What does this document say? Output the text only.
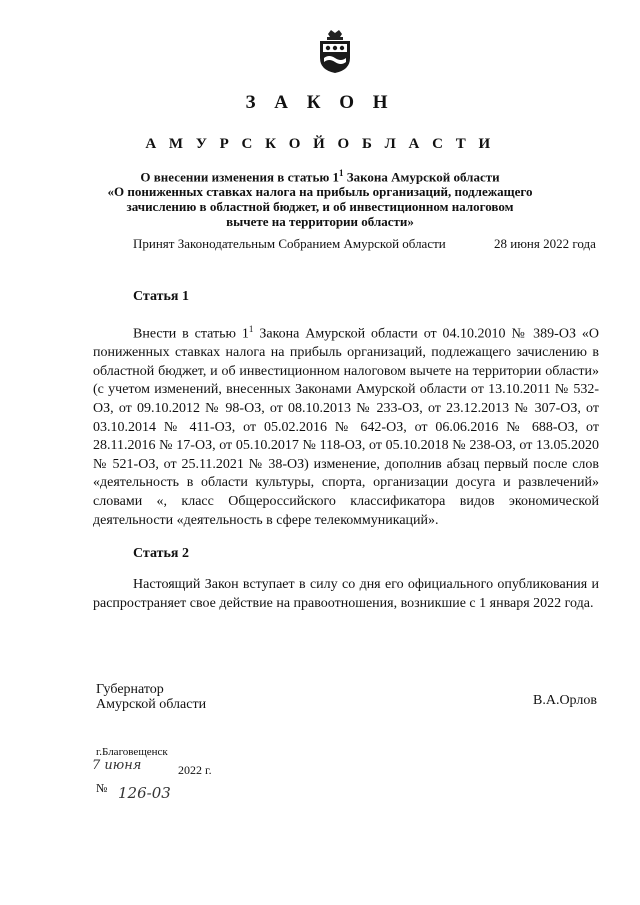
З А К О Н
А М У Р С К О Й О Б Л А С Т И
О внесении изменения в статью $1^1$ Закона Амурской области
«О пониженных ставках налога на прибыль организаций, подлежащего
зачислению в областной бюджет, и об инвестиционном налоговом
вычете на территории области»
Принят Законодательным Собранием Амурской области	28 июня 2022 года
Статья 1
Внести в статью $1^1$ Закона Амурской области от 04.10.2010 № 389-ОЗ «О пониженных ставках налога на прибыль организаций, подлежащего зачислению в областной бюджет, и об инвестиционном налоговом вычете на территории области» (с учетом изменений, внесенных Законами Амурской области от 13.10.2011 № 532-ОЗ, от 09.10.2012 № 98-ОЗ, от 08.10.2013 № 233-ОЗ, от 23.12.2013 № 307-ОЗ, от 03.10.2014 № 411-ОЗ, от 05.02.2016 № 642-ОЗ, от 06.06.2016 № 688-ОЗ, от 28.11.2016 № 17-ОЗ, от 05.10.2017 № 118-ОЗ, от 05.10.2018 № 238-ОЗ, от 13.05.2020 № 521-ОЗ, от 25.11.2021 № 38-ОЗ) изменение, дополнив абзац первый после слов «деятельность в области культуры, спорта, организации досуга и развлечений» словами «, класс Общероссийского классификатора видов экономической деятельности «деятельность в сфере телекоммуникаций».
Статья 2
Настоящий Закон вступает в силу со дня его официального опубликования и распространяет свое действие на правоотношения, возникшие с 1 января 2022 года.
Губернатор
Амурской области	В.А.Орлов
г.Благовещенск
7 июня	2022 г.
№ 126-03
